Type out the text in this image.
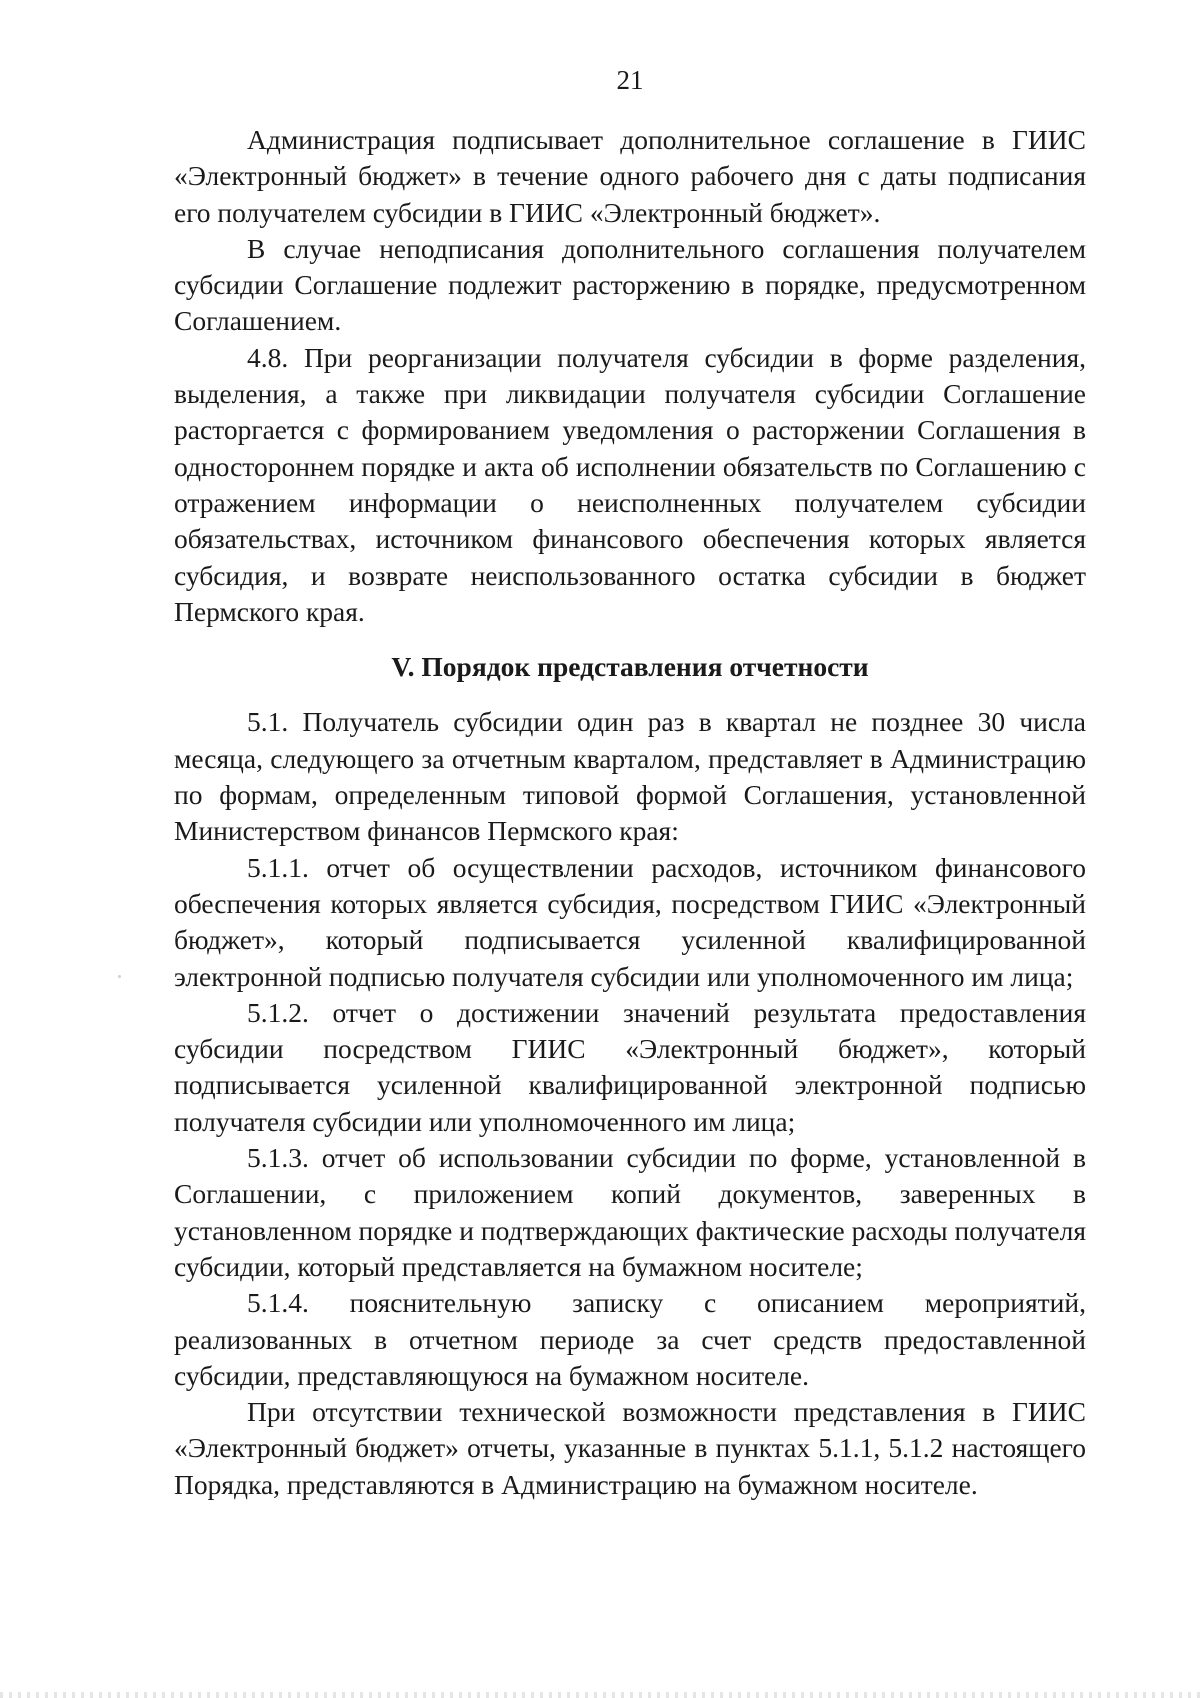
21

Администрация подписывает дополнительное соглашение в ГИИС «Электронный бюджет» в течение одного рабочего дня с даты подписания его получателем субсидии в ГИИС «Электронный бюджет».

В случае неподписания дополнительного соглашения получателем субсидии Соглашение подлежит расторжению в порядке, предусмотренном Соглашением.

4.8. При реорганизации получателя субсидии в форме разделения, выделения, а также при ликвидации получателя субсидии Соглашение расторгается с формированием уведомления о расторжении Соглашения в одностороннем порядке и акта об исполнении обязательств по Соглашению с отражением информации о неисполненных получателем субсидии обязательствах, источником финансового обеспечения которых является субсидия, и возврате неиспользованного остатка субсидии в бюджет Пермского края.

V. Порядок представления отчетности

5.1. Получатель субсидии один раз в квартал не позднее 30 числа месяца, следующего за отчетным кварталом, представляет в Администрацию по формам, определенным типовой формой Соглашения, установленной Министерством финансов Пермского края:

5.1.1. отчет об осуществлении расходов, источником финансового обеспечения которых является субсидия, посредством ГИИС «Электронный бюджет», который подписывается усиленной квалифицированной электронной подписью получателя субсидии или уполномоченного им лица;

5.1.2. отчет о достижении значений результата предоставления субсидии посредством ГИИС «Электронный бюджет», который подписывается усиленной квалифицированной электронной подписью получателя субсидии или уполномоченного им лица;

5.1.3. отчет об использовании субсидии по форме, установленной в Соглашении, с приложением копий документов, заверенных в установленном порядке и подтверждающих фактические расходы получателя субсидии, который представляется на бумажном носителе;

5.1.4. пояснительную записку с описанием мероприятий, реализованных в отчетном периоде за счет средств предоставленной субсидии, представляющуюся на бумажном носителе.

При отсутствии технической возможности представления в ГИИС «Электронный бюджет» отчеты, указанные в пунктах 5.1.1, 5.1.2 настоящего Порядка, представляются в Администрацию на бумажном носителе.
